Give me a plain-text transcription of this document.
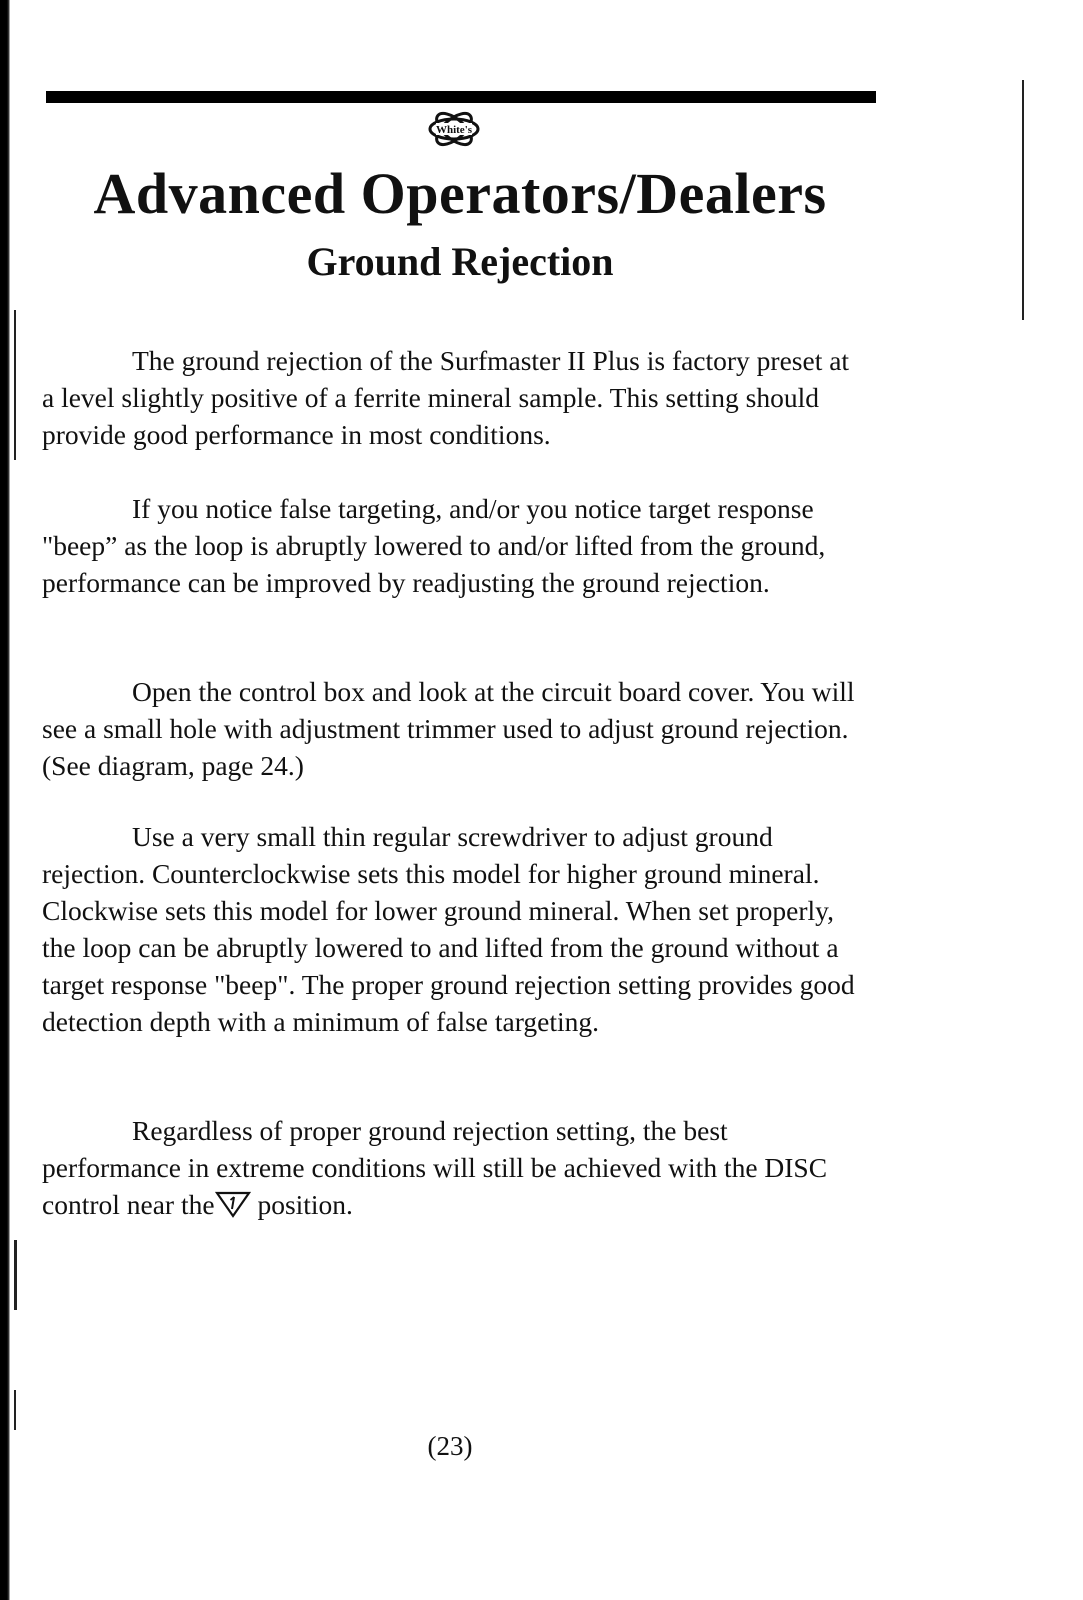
White's
Advanced Operators/Dealers
Ground Rejection

The ground rejection of the Surfmaster II Plus is factory preset at a level slightly positive of a ferrite mineral sample. This setting should provide good performance in most conditions.

If you notice false targeting, and/or you notice target response "beep” as the loop is abruptly lowered to and/or lifted from the ground, performance can be improved by readjusting the ground rejection.

Open the control box and look at the circuit board cover. You will see a small hole with adjustment trimmer used to adjust ground rejection. (See diagram, page 24.)

Use a very small thin regular screwdriver to adjust ground rejection. Counterclockwise sets this model for higher ground mineral. Clockwise sets this model for lower ground mineral. When set properly, the loop can be abruptly lowered to and lifted from the ground without a target response "beep". The proper ground rejection setting provides good detection depth with a minimum of false targeting.

Regardless of proper ground rejection setting, the best performance in extreme conditions will still be achieved with the DISC control near the position.

(23)
